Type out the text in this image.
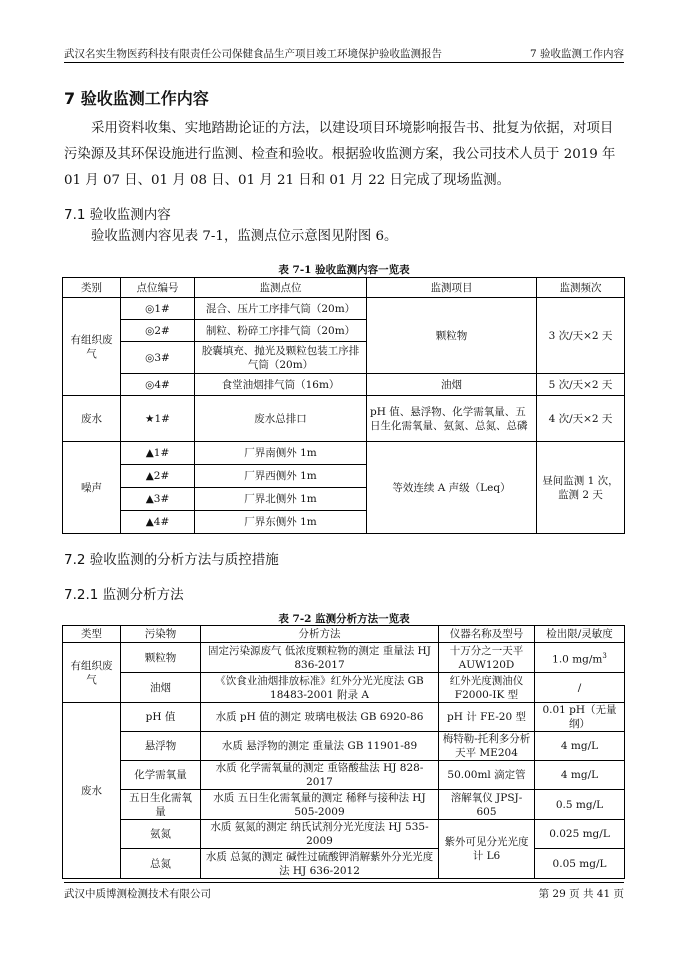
武汉名实生物医药科技有限责任公司保健食品生产项目竣工环境保护验收监测报告	7 验收监测工作内容
7 验收监测工作内容
采用资料收集、实地踏勘论证的方法，以建设项目环境影响报告书、批复为依据，对项目污染源及其环保设施进行监测、检查和验收。根据验收监测方案，我公司技术人员于 2019 年 01 月 07 日、01 月 08 日、01 月 21 日和 01 月 22 日完成了现场监测。
7.1 验收监测内容
验收监测内容见表 7-1，监测点位示意图见附图 6。
表 7-1 验收监测内容一览表
类别	点位编号	监测点位	监测项目	监测频次
有组织废气	◎1#	混合、压片工序排气筒（20m）	颗粒物	3 次/天×2 天
	◎2#	制粒、粉碎工序排气筒（20m）		
	◎3#	胶囊填充、抛光及颗粒包装工序排气筒（20m）		
	◎4#	食堂油烟排气筒（16m）	油烟	5 次/天×2 天
废水	★1#	废水总排口	pH 值、悬浮物、化学需氧量、五日生化需氧量、氨氮、总氮、总磷	4 次/天×2 天
噪声	▲1#	厂界南侧外 1m	等效连续 A 声级（Leq）	昼间监测 1 次，监测 2 天
	▲2#	厂界西侧外 1m		
	▲3#	厂界北侧外 1m		
	▲4#	厂界东侧外 1m		
7.2 验收监测的分析方法与质控措施
7.2.1 监测分析方法
表 7-2 监测分析方法一览表
类型	污染物	分析方法	仪器名称及型号	检出限/灵敏度
有组织废气	颗粒物	固定污染源废气 低浓度颗粒物的测定 重量法 HJ 836-2017	十万分之一天平 AUW120D	1.0 $mg/m^3$
	油烟	《饮食业油烟排放标准》红外分光光度法 GB 18483-2001 附录 A	红外光度测油仪 F2000-IK 型	/
废水	pH 值	水质 pH 值的测定 玻璃电极法 GB 6920-86	pH 计 FE-20 型	0.01 pH（无量纲）
	悬浮物	水质 悬浮物的测定 重量法 GB 11901-89	梅特勒-托利多分析天平 ME204	4 mg/L
	化学需氧量	水质 化学需氧量的测定 重铬酸盐法 HJ 828-2017	50.00ml 滴定管	4 mg/L
	五日生化需氧量	水质 五日生化需氧量的测定 稀释与接种法 HJ 505-2009	溶解氧仪 JPSJ-605	0.5 mg/L
	氨氮	水质 氨氮的测定 纳氏试剂分光光度法 HJ 535-2009	紫外可见分光光度计 L6	0.025 mg/L
	总氮	水质 总氮的测定 碱性过硫酸钾消解紫外分光光度法 HJ 636-2012		0.05 mg/L
武汉中质博测检测技术有限公司	第 29 页 共 41 页
